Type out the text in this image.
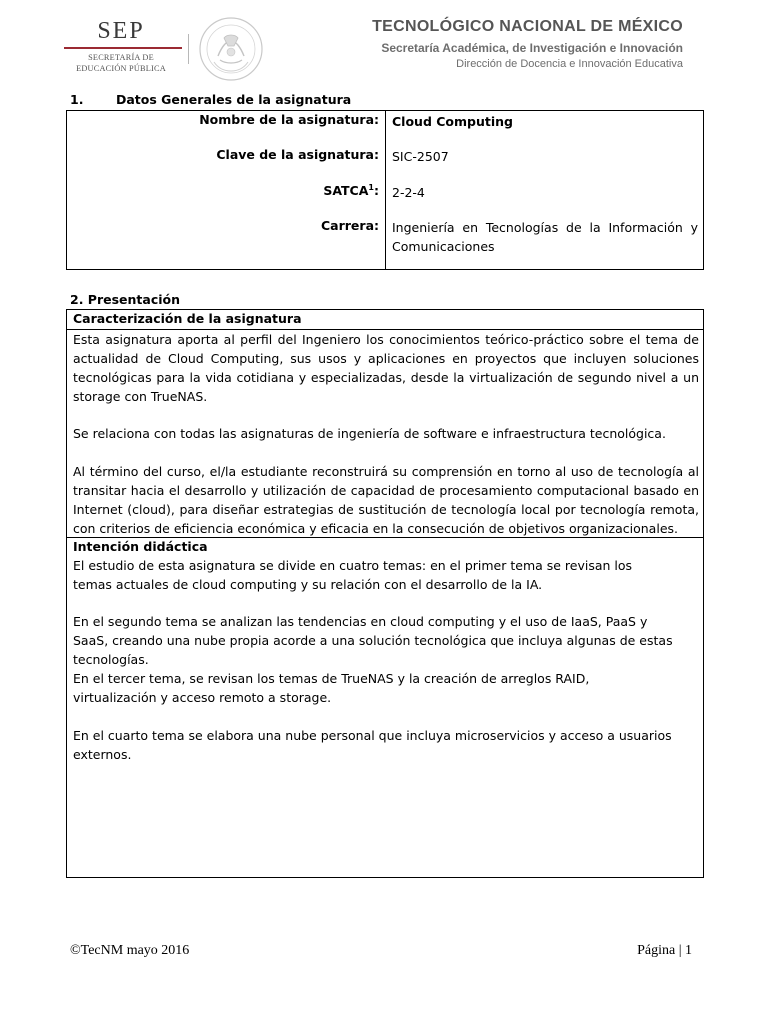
SEP
SECRETARÍA DE
EDUCACIÓN PÚBLICA
TECNOLÓGICO NACIONAL DE MÉXICO
Secretaría Académica, de Investigación e Innovación
Dirección de Docencia e Innovación Educativa
1.	Datos Generales de la asignatura
Nombre de la asignatura: Cloud Computing
Clave de la asignatura: SIC-2507
SATCA$^1$: 2-2-4
Carrera: Ingeniería en Tecnologías de la Información y Comunicaciones
2. Presentación
Caracterización de la asignatura
Esta asignatura aporta al perfil del Ingeniero los conocimientos teórico-práctico sobre el tema de actualidad de Cloud Computing, sus usos y aplicaciones en proyectos que incluyen soluciones tecnológicas para la vida cotidiana y especializadas, desde la virtualización de segundo nivel a un storage con TrueNAS.
Se relaciona con todas las asignaturas de ingeniería de software e infraestructura tecnológica.
Al término del curso, el/la estudiante reconstruirá su comprensión en torno al uso de tecnología al transitar hacia el desarrollo y utilización de capacidad de procesamiento computacional basado en Internet (cloud), para diseñar estrategias de sustitución de tecnología local por tecnología remota, con criterios de eficiencia económica y eficacia en la consecución de objetivos organizacionales.
Intención didáctica
El estudio de esta asignatura se divide en cuatro temas: en el primer tema se revisan los temas actuales de cloud computing y su relación con el desarrollo de la IA.
En el segundo tema se analizan las tendencias en cloud computing y el uso de IaaS, PaaS y SaaS, creando una nube propia acorde a una solución tecnológica que incluya algunas de estas tecnologías.
En el tercer tema, se revisan los temas de TrueNAS y la creación de arreglos RAID, virtualización y acceso remoto a storage.
En el cuarto tema se elabora una nube personal que incluya microservicios y acceso a usuarios externos.
©TecNM mayo 2016	Página | 1
